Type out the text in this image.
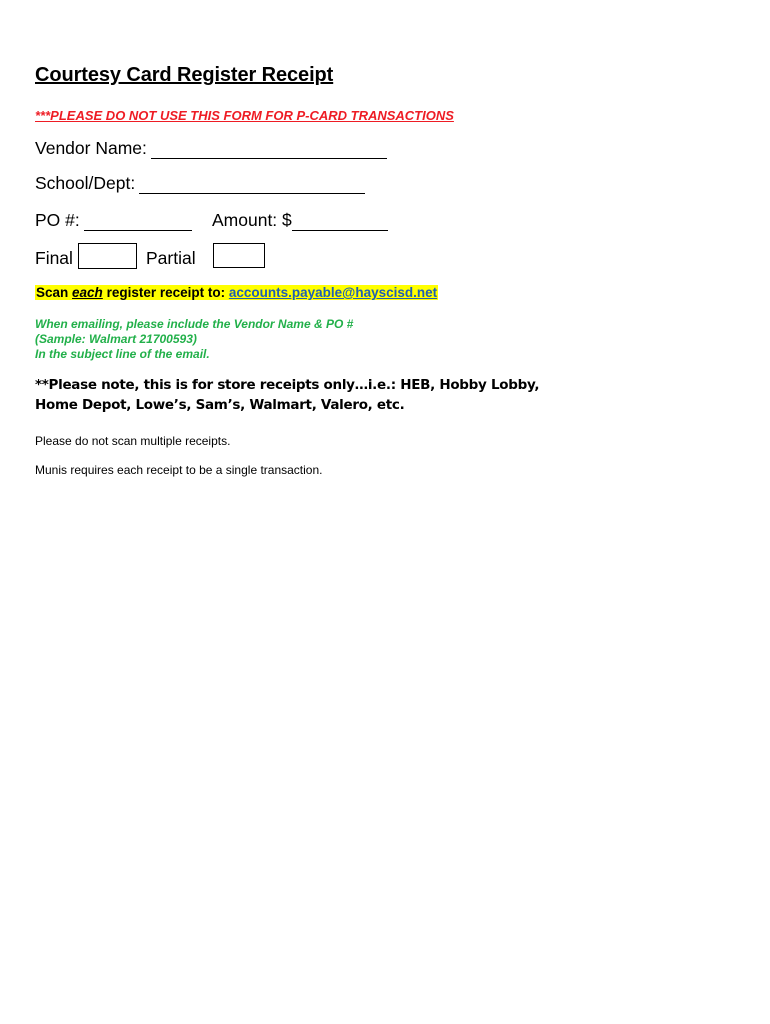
Courtesy Card Register Receipt
***PLEASE DO NOT USE THIS FORM FOR P-CARD TRANSACTIONS
Vendor Name:
School/Dept:
PO #:	Amount: $
Final	Partial
Scan each register receipt to: accounts.payable@hayscisd.net
When emailing, please include the Vendor Name & PO #
(Sample: Walmart 21700593)
In the subject line of the email.
**Please note, this is for store receipts only…i.e.: HEB, Hobby Lobby,
Home Depot, Lowe’s, Sam’s, Walmart, Valero, etc.
Please do not scan multiple receipts.
Munis requires each receipt to be a single transaction.
